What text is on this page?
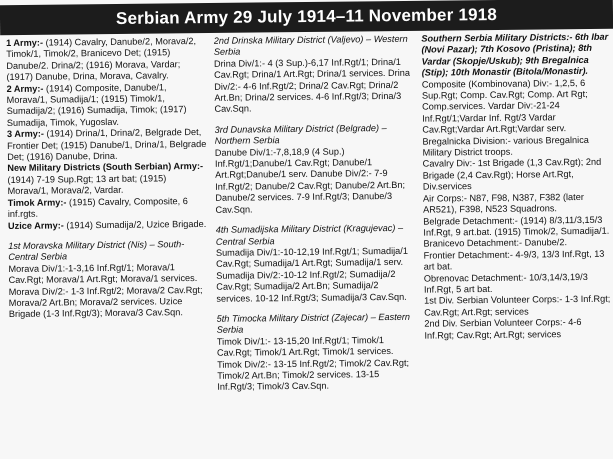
Serbian Army 29 July 1914–11 November 1918

1 Army:- (1914) Cavalry, Danube/2, Morava/2, Timok/1, Timok/2, Branicevo Det; (1915) Danube/2. Drina/2; (1916) Morava, Vardar; (1917) Danube, Drina, Morava, Cavalry.

2 Army:- (1914) Composite, Danube/1, Morava/1, Sumadija/1; (1915) Timok/1, Sumadija/2; (1916) Sumadija, Timok; (1917) Sumadija, Timok, Yugoslav.

3 Army:- (1914) Drina/1, Drina/2, Belgrade Det, Frontier Det; (1915) Danube/1, Drina/1, Belgrade Det; (1916) Danube, Drina.

New Military Districts (South Serbian) Army:- (1914) 7-19 Sup.Rgt; 13 art bat; (1915) Morava/1, Morava/2, Vardar.

Timok Army:- (1915) Cavalry, Composite, 6 inf.rgts.

Uzice Army:- (1914) Sumadija/2, Uzice Brigade.

1st Moravska Military District (Nis) – South-Central Serbia

Morava Div/1:-1-3,16 Inf.Rgt/1; Morava/1 Cav.Rgt; Morava/1 Art.Rgt; Morava/1 services. Morava Div/2:- 1-3 Inf.Rgt/2; Morava/2 Cav.Rgt; Morava/2 Art.Bn; Morava/2 services. Uzice Brigade (1-3 Inf.Rgt/3); Morava/3 Cav.Sqn.

2nd Drinska Military District (Valjevo) – Western Serbia

Drina Div/1:- 4 (3 Sup.)-6,17 Inf.Rgt/1; Drina/1 Cav.Rgt; Drina/1 Art.Rgt; Drina/1 services. Drina Div/2:- 4-6 Inf.Rgt/2; Drina/2 Cav.Rgt; Drina/2 Art.Bn; Drina/2 services. 4-6 Inf.Rgt/3; Drina/3 Cav.Sqn.

3rd Dunavska Military District (Belgrade) – Northern Serbia

Danube Div/1:-7,8,18,9 (4 Sup.) Inf.Rgt/1;Danube/1 Cav.Rgt; Danube/1 Art.Rgt;Danube/1 serv. Danube Div/2:- 7-9 Inf.Rgt/2; Danube/2 Cav.Rgt; Danube/2 Art.Bn; Danube/2 services. 7-9 Inf.Rgt/3; Danube/3 Cav.Sqn.

4th Sumadijska Military District (Kragujevac) – Central Serbia

Sumadija Div/1:-10-12,19 Inf.Rgt/1; Sumadija/1 Cav.Rgt; Sumadija/1 Art.Rgt; Sumadija/1 serv. Sumadija Div/2:-10-12 Inf.Rgt/2; Sumadija/2 Cav.Rgt; Sumadija/2 Art.Bn; Sumadija/2 services. 10-12 Inf.Rgt/3; Sumadija/3 Cav.Sqn.

5th Timocka Military District (Zajecar) – Eastern Serbia

Timok Div/1:- 13-15,20 Inf.Rgt/1; Timok/1 Cav.Rgt; Timok/1 Art.Rgt; Timok/1 services. Timok Div/2:- 13-15 Inf.Rgt/2; Timok/2 Cav.Rgt; Timok/2 Art.Bn; Timok/2 services. 13-15 Inf.Rgt/3; Timok/3 Cav.Sqn.

Southern Serbia Military Districts:- 6th Ibar (Novi Pazar); 7th Kosovo (Pristina); 8th Vardar (Skopje/Uskub); 9th Bregalnica (Stip); 10th Monastir (Bitola/Monastir).

Composite (Kombinovana) Div:- 1,2,5, 6 Sup.Rgt; Comp. Cav.Rgt; Comp. Art Rgt; Comp.services. Vardar Div:-21-24 Inf.Rgt/1;Vardar Inf. Rgt/3 Vardar Cav.Rgt;Vardar Art.Rgt;Vardar serv. Bregalnicka Division:- various Bregalnica Military District troops.

Cavalry Div:- 1st Brigade (1,3 Cav.Rgt); 2nd Brigade (2,4 Cav.Rgt); Horse Art.Rgt, Div.services

Air Corps:- N87, F98, N387, F382 (later AR521), F398, N523 Squadrons.

Belgrade Detachment:- (1914) 8/3,11/3,15/3 Inf.Rgt, 9 art.bat. (1915) Timok/2, Sumadija/1.

Branicevo Detachment:- Danube/2.

Frontier Detachment:- 4-9/3, 13/3 Inf.Rgt, 13 art bat.

Obrenovac Detachment:- 10/3,14/3,19/3 Inf.Rgt, 5 art bat.

1st Div. Serbian Volunteer Corps:- 1-3 Inf.Rgt; Cav.Rgt; Art.Rgt; services

2nd Div. Serbian Volunteer Corps:- 4-6 Inf.Rgt; Cav.Rgt; Art.Rgt; services
